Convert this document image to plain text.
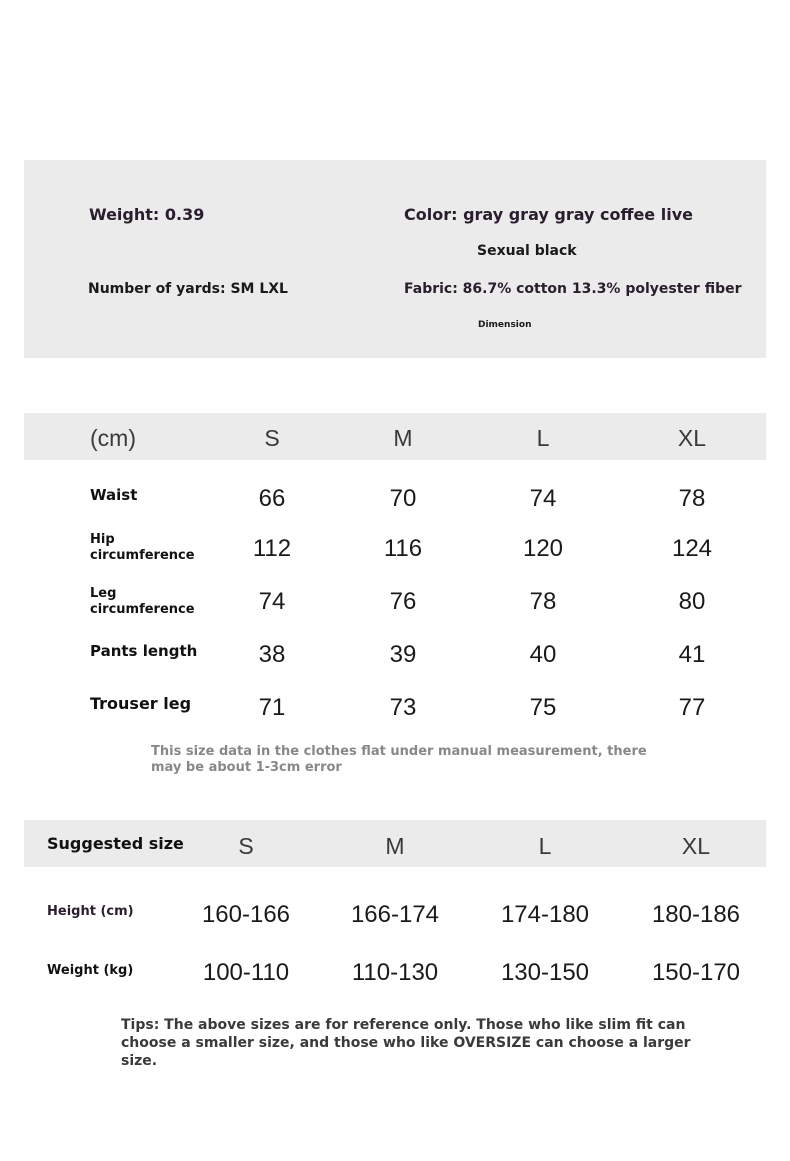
Weight: 0.39	Color: gray gray gray coffee live
Sexual black
Number of yards: SM LXL	Fabric: 86.7% cotton 13.3% polyester fiber
Dimension
(cm)	S	M	L	XL
Waist	66	70	74	78
Hip
circumference	112	116	120	124
Leg
circumference	74	76	78	80
Pants length	38	39	40	41
Trouser leg	71	73	75	77
This size data in the clothes flat under manual measurement, there may be about 1-3cm error
Suggested size	S	M	L	XL
Height (cm)	160-166	166-174	174-180	180-186
Weight (kg)	100-110	110-130	130-150	150-170
Tips: The above sizes are for reference only. Those who like slim fit can choose a smaller size, and those who like OVERSIZE can choose a larger size.
